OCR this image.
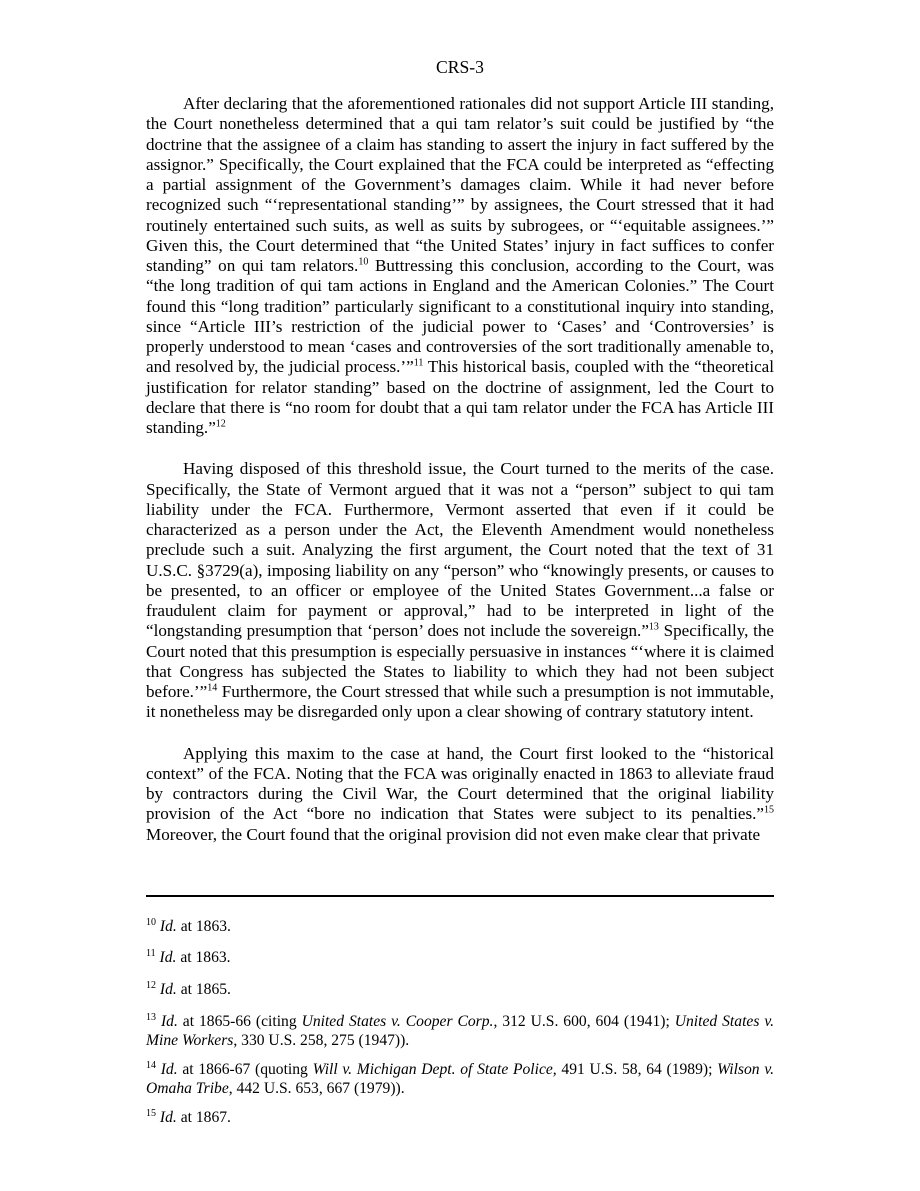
CRS-3

After declaring that the aforementioned rationales did not support Article III standing, the Court nonetheless determined that a qui tam relator’s suit could be justified by “the doctrine that the assignee of a claim has standing to assert the injury in fact suffered by the assignor.” Specifically, the Court explained that the FCA could be interpreted as “effecting a partial assignment of the Government’s damages claim. While it had never before recognized such “‘representational standing’” by assignees, the Court stressed that it had routinely entertained such suits, as well as suits by subrogees, or “‘equitable assignees.’” Given this, the Court determined that “the United States’ injury in fact suffices to confer standing” on qui tam relators.$^{10}$ Buttressing this conclusion, according to the Court, was “the long tradition of qui tam actions in England and the American Colonies.” The Court found this “long tradition” particularly significant to a constitutional inquiry into standing, since “Article III’s restriction of the judicial power to ‘Cases’ and ‘Controversies’ is properly understood to mean ‘cases and controversies of the sort traditionally amenable to, and resolved by, the judicial process.’”$^{11}$ This historical basis, coupled with the “theoretical justification for relator standing” based on the doctrine of assignment, led the Court to declare that there is “no room for doubt that a qui tam relator under the FCA has Article III standing.”$^{12}$

Having disposed of this threshold issue, the Court turned to the merits of the case. Specifically, the State of Vermont argued that it was not a “person” subject to qui tam liability under the FCA. Furthermore, Vermont asserted that even if it could be characterized as a person under the Act, the Eleventh Amendment would nonetheless preclude such a suit. Analyzing the first argument, the Court noted that the text of 31 U.S.C. §3729(a), imposing liability on any “person” who “knowingly presents, or causes to be presented, to an officer or employee of the United States Government...a false or fraudulent claim for payment or approval,” had to be interpreted in light of the “longstanding presumption that ‘person’ does not include the sovereign.”$^{13}$ Specifically, the Court noted that this presumption is especially persuasive in instances “‘where it is claimed that Congress has subjected the States to liability to which they had not been subject before.’”$^{14}$ Furthermore, the Court stressed that while such a presumption is not immutable, it nonetheless may be disregarded only upon a clear showing of contrary statutory intent.

Applying this maxim to the case at hand, the Court first looked to the “historical context” of the FCA. Noting that the FCA was originally enacted in 1863 to alleviate fraud by contractors during the Civil War, the Court determined that the original liability provision of the Act “bore no indication that States were subject to its penalties.”$^{15}$ Moreover, the Court found that the original provision did not even make clear that private

$^{10}$ Id. at 1863.

$^{11}$ Id. at 1863.

$^{12}$ Id. at 1865.

$^{13}$ Id. at 1865-66 (citing United States v. Cooper Corp., 312 U.S. 600, 604 (1941); United States v. Mine Workers, 330 U.S. 258, 275 (1947)).

$^{14}$ Id. at 1866-67 (quoting Will v. Michigan Dept. of State Police, 491 U.S. 58, 64 (1989); Wilson v. Omaha Tribe, 442 U.S. 653, 667 (1979)).

$^{15}$ Id. at 1867.
